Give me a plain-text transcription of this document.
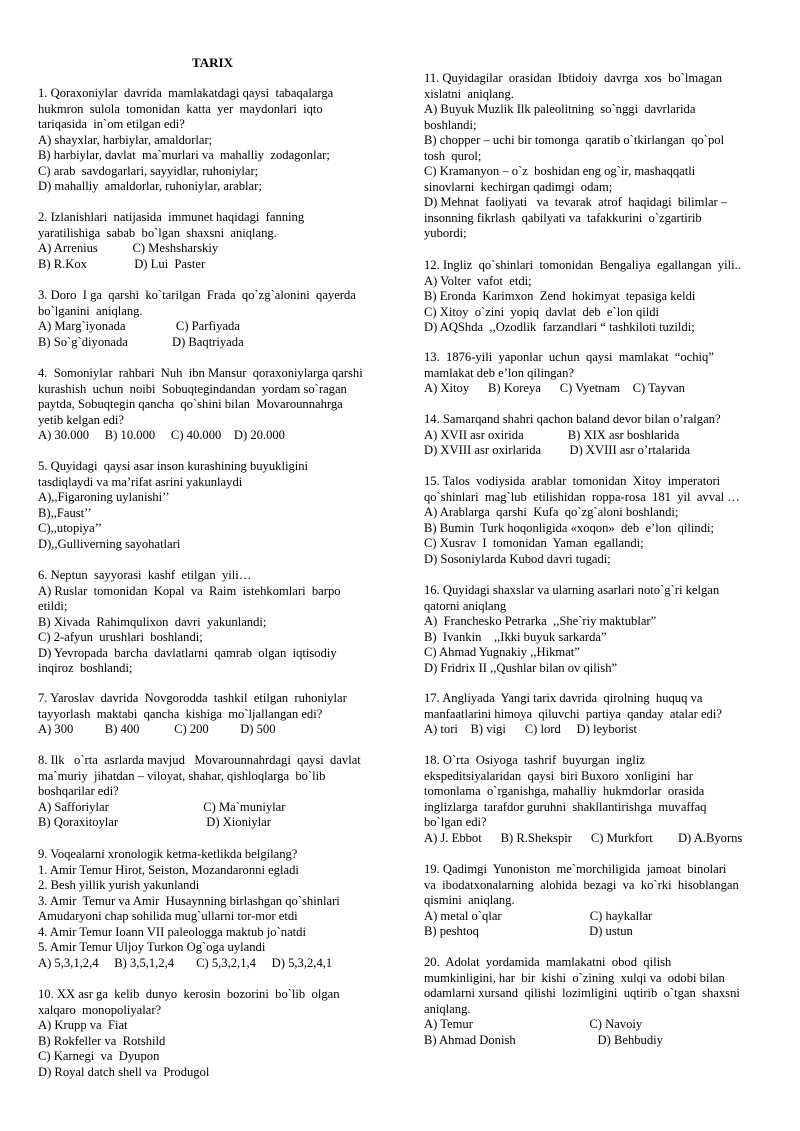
TARIX
1. Qoraxoniylar  davrida  mamlakatdagi qaysi  tabaqalarga
hukmron  sulola  tomonidan  katta  yer  maydonlari  iqto
tariqasida  in`om etilgan edi?
A) shayxlar, harbiylar, amaldorlar;
B) harbiylar, davlat  ma`murlari va  mahalliy  zodagonlar;
C) arab  savdogarlari, sayyidlar, ruhoniylar;
D) mahalliy  amaldorlar, ruhoniylar, arablar;
2. Izlanishlari  natijasida  immunet haqidagi  fanning
yaratilishiga  sabab  bo`lgan  shaxsni  aniqlang.
A) Arrenius           C) Meshsharskiy
B) R.Kox               D) Lui  Paster
3. Doro  I ga  qarshi  ko`tarilgan  Frada  qo`zg`alonini  qayerda
bo`lganini  aniqlang.
A) Marg`iyonada                C) Parfiyada
B) So`g`diyonada              D) Baqtriyada
4.  Somoniylar  rahbari  Nuh  ibn Mansur  qoraxoniylarga qarshi
kurashish  uchun  noibi  Sobuqtegindandan  yordam so`ragan
paytda, Sobuqtegin qancha  qo`shini bilan  Movarounnahrga
yetib kelgan edi?
A) 30.000     B) 10.000     C) 40.000    D) 20.000
5. Quyidagi  qaysi asar inson kurashining buyukligini
tasdiqlaydi va ma’rifat asrini yakunlaydi
A),,Figaroning uylanishi’’
B),,Faust’’
C),,utopiya’’
D),,Gulliverning sayohatlari
6. Neptun  sayyorasi  kashf  etilgan  yili…
A) Ruslar  tomonidan  Kopal  va  Raim  istehkomlari  barpo
etildi;
B) Xivada  Rahimqulixon  davri  yakunlandi;
C) 2-afyun  urushlari  boshlandi;
D) Yevropada  barcha  davlatlarni  qamrab  olgan  iqtisodiy
inqiroz  boshlandi;
7. Yaroslav  davrida  Novgorodda  tashkil  etilgan  ruhoniylar
tayyorlash  maktabi  qancha  kishiga  mo`ljallangan edi?
A) 300          B) 400           C) 200          D) 500
8. Ilk   o`rta  asrlarda mavjud   Movarounnahrdagi  qaysi  davlat
ma`muriy  jihatdan – viloyat, shahar, qishloqlarga  bo`lib
boshqarilar edi?
A) Safforiylar                              C) Ma`muniylar
B) Qoraxitoylar                            D) Xioniylar
9. Voqealarni xronologik ketma-ketlikda belgilang?
1. Amir Temur Hirot, Seiston, Mozandaronni egladi
2. Besh yillik yurish yakunlandi
3. Amir  Temur va Amir  Husaynning birlashgan qo`shinlari
Amudaryoni chap sohilida mug`ullarni tor-mor etdi
4. Amir Temur Ioann VII paleologga maktub jo`natdi
5. Amir Temur Uljoy Turkon Og`oga uylandi
A) 5,3,1,2,4     B) 3,5,1,2,4       C) 5,3,2,1,4     D) 5,3,2,4,1
10. XX asr ga  kelib  dunyo  kerosin  bozorini  bo`lib  olgan
xalqaro  monopoliyalar?
A) Krupp va  Fiat
B) Rokfeller va  Rotshild
C) Karnegi  va  Dyupon
D) Royal datch shell va  Produgol
11. Quyidagilar  orasidan  Ibtidoiy  davrga  xos  bo`lmagan
xislatni  aniqlang.
A) Buyuk Muzlik Ilk paleolitning  so`nggi  davrlarida
boshlandi;
B) chopper – uchi bir tomonga  qaratib o`tkirlangan  qo`pol
tosh  qurol;
C) Kramanyon – o`z  boshidan eng og`ir, mashaqqatli
sinovlarni  kechirgan qadimgi  odam;
D) Mehnat  faoliyati   va  tevarak  atrof  haqidagi  bilimlar –
insonning fikrlash  qabilyati va  tafakkurini  o`zgartirib
yubordi;
12. Ingliz  qo`shinlari  tomonidan  Bengaliya  egallangan  yili..
A) Volter  vafot  etdi;
B) Eronda  Karimxon  Zend  hokimyat  tepasiga keldi
C) Xitoy  o`zini  yopiq  davlat  deb  e`lon qildi
D) AQShda  ,,Ozodlik  farzandlari “ tashkiloti tuzildi;
13.  1876-yili  yaponlar  uchun  qaysi  mamlakat  “ochiq”
mamlakat deb e’lon qilingan?
A) Xitoy      B) Koreya      C) Vyetnam    C) Tayvan
14. Samarqand shahri qachon baland devor bilan o’ralgan?
A) XVII asr oxirida              B) XIX asr boshlarida
D) XVIII asr oxirlarida         D) XVIII asr o’rtalarida
15. Talos  vodiysida  arablar  tomonidan  Xitoy  imperatori
qo`shinlari  mag`lub  etilishidan  roppa-rosa  181  yil  avval …
A) Arablarga  qarshi  Kufa  qo`zg`aloni boshlandi;
B) Bumin  Turk hoqonligida «xoqon»  deb  e’lon  qilindi;
C) Xusrav  I  tomonidan  Yaman  egallandi;
D) Sosoniylarda Kubod davri tugadi;
16. Quyidagi shaxslar va ularning asarlari noto`g`ri kelgan
qatorni aniqlang
A)  Franchesko Petrarka  ,,She`riy maktublar”
B)  Ivankin    ,,Ikki buyuk sarkarda”
C) Ahmad Yugnakiy ,,Hikmat”
D) Fridrix II ,,Qushlar bilan ov qilish”
17. Angliyada  Yangi tarix davrida  qirolning  huquq va
manfaatlarini himoya  qiluvchi  partiya  qanday  atalar edi?
A) tori    B) vigi      C) lord     D) leyborist
18. O`rta  Osiyoga  tashrif  buyurgan  ingliz
ekspeditsiyalaridan  qaysi  biri Buxoro  xonligini  har
tomonlama  o`rganishga, mahalliy  hukmdorlar  orasida
inglizlarga  tarafdor guruhni  shakllantirishga  muvaffaq
bo`lgan edi?
A) J. Ebbot      B) R.Shekspir      C) Murkfort        D) A.Byorns
19. Qadimgi  Yunoniston  me`morchiligida  jamoat  binolari
va  ibodatxonalarning  alohida  bezagi  va  ko`rki  hisoblangan
qismini  aniqlang.
A) metal o`qlar                            C) haykallar
B) peshtoq                                   D) ustun
20.  Adolat  yordamida  mamlakatni  obod  qilish
mumkinligini, har  bir  kishi  o`zining  xulqi va  odobi bilan
odamlarni xursand  qilishi  lozimligini  uqtirib  o`tgan  shaxsni
aniqlang.
A) Temur                                     C) Navoiy
B) Ahmad Donish                          D) Behbudiy
